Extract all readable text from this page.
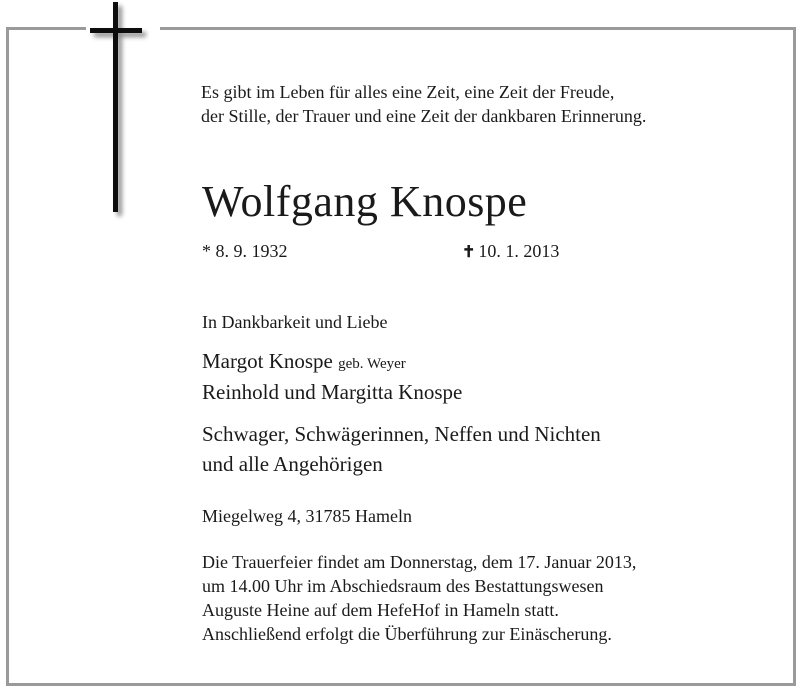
Es gibt im Leben für alles eine Zeit, eine Zeit der Freude,
der Stille, der Trauer und eine Zeit der dankbaren Erinnerung.
Wolfgang Knospe
* 8. 9. 1932	✝ 10. 1. 2013
In Dankbarkeit und Liebe
Margot Knospe geb. Weyer
Reinhold und Margitta Knospe
Schwager, Schwägerinnen, Neffen und Nichten
und alle Angehörigen
Miegelweg 4, 31785 Hameln
Die Trauerfeier findet am Donnerstag, dem 17. Januar 2013,
um 14.00 Uhr im Abschiedsraum des Bestattungswesen
Auguste Heine auf dem HefeHof in Hameln statt.
Anschließend erfolgt die Überführung zur Einäscherung.
